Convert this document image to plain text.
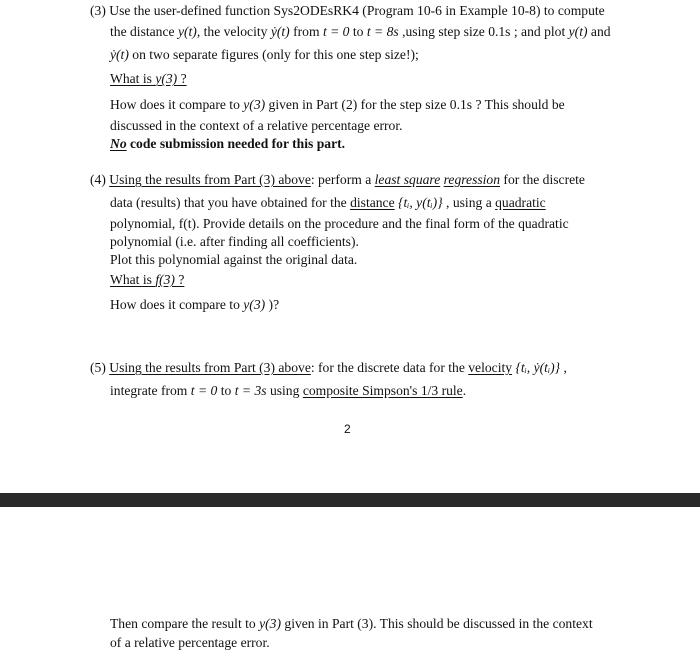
(3) Use the user-defined function Sys2ODEsRK4 (Program 10-6 in Example 10-8) to compute
the distance y(t), the velocity ẏ(t) from t = 0 to t = 8s ,using step size 0.1s ; and plot y(t) and
ẏ(t) on two separate figures (only for this one step size!);
What is y(3) ?
How does it compare to y(3) given in Part (2) for the step size 0.1s ? This should be
discussed in the context of a relative percentage error.
No code submission needed for this part.
(4) Using the results from Part (3) above: perform a least square regression for the discrete
data (results) that you have obtained for the distance {tᵢ, y(tᵢ)} , using a quadratic
polynomial, f(t). Provide details on the procedure and the final form of the quadratic
polynomial (i.e. after finding all coefficients).
Plot this polynomial against the original data.
What is f(3) ?
How does it compare to y(3) )?
(5) Using the results from Part (3) above: for the discrete data for the velocity {tᵢ, ẏ(tᵢ)} ,
integrate from t = 0 to t = 3s using composite Simpson's 1/3 rule.
2
Then compare the result to y(3) given in Part (3). This should be discussed in the context
of a relative percentage error.
